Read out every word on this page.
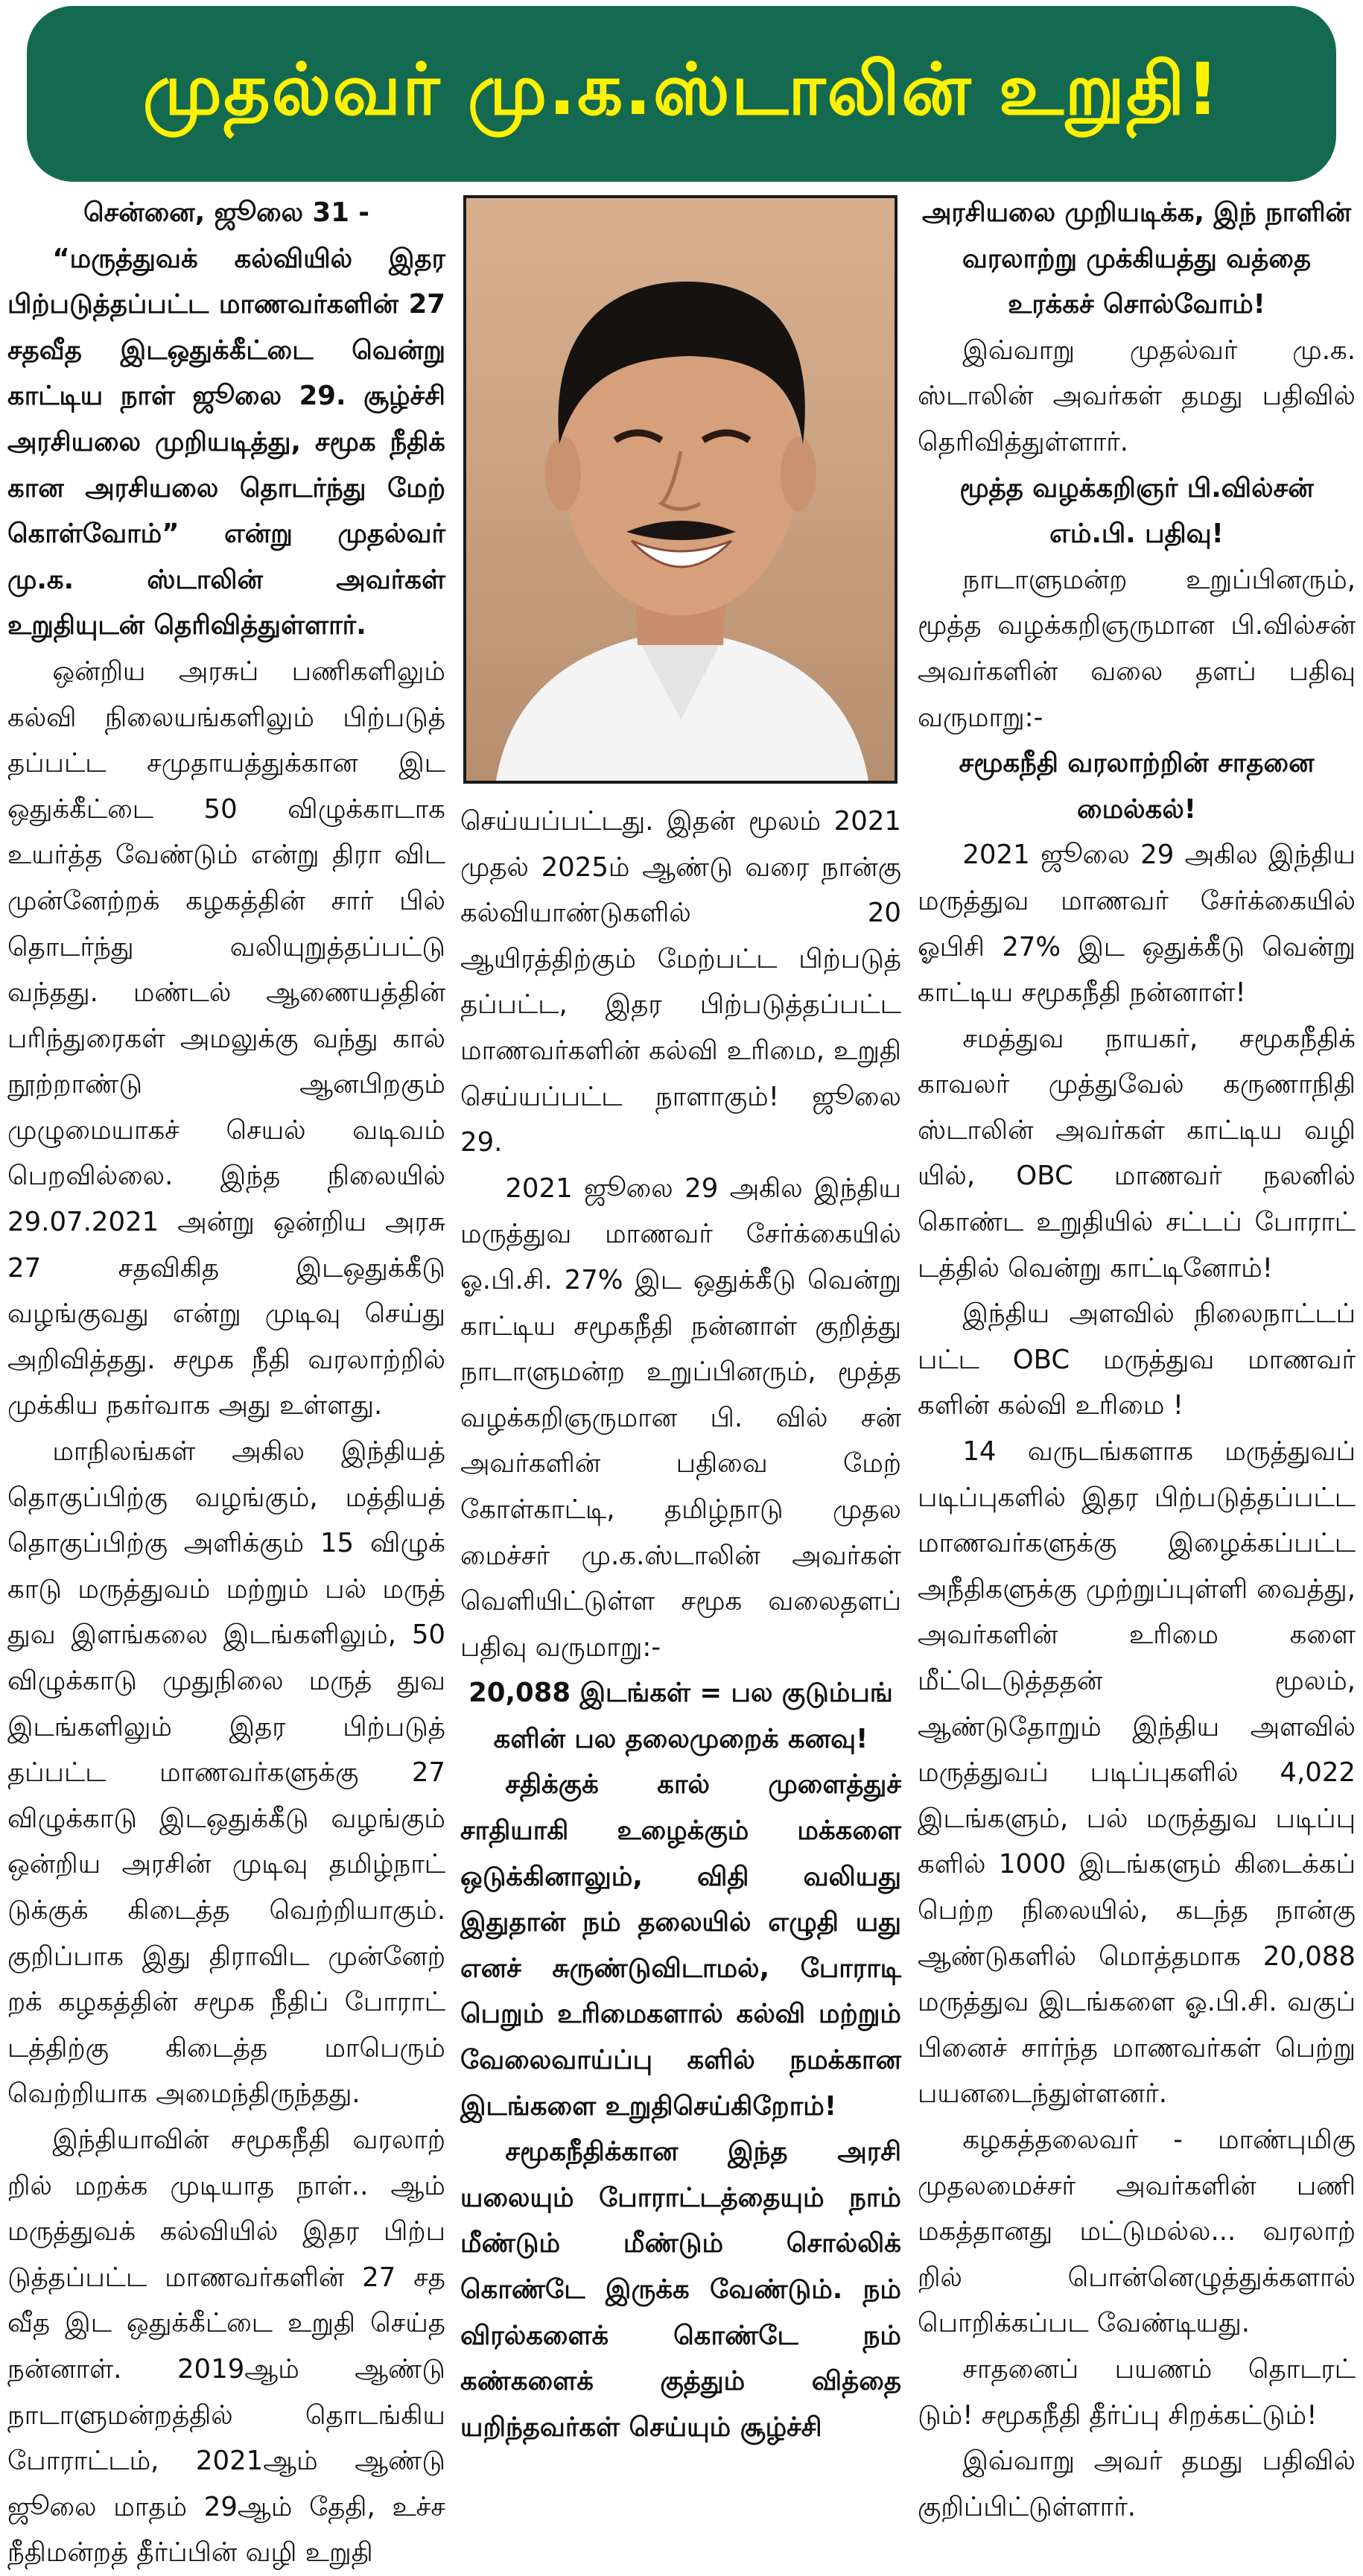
முதல்வர் மு.க.ஸ்டாலின் உறுதி!

சென்னை, ஜூலை 31 -

“மருத்துவக் கல்வியில் இதர பிற்படுத்தப்பட்ட மாணவர்களின் 27 சதவீத இடஒதுக்கீட்டை வென்று காட்டிய நாள் ஜூலை 29. சூழ்ச்சி அரசியலை முறியடித்து, சமூக நீதிக் கான அரசியலை தொடர்ந்து மேற் கொள்வோம்” என்று முதல்வர் மு.க. ஸ்டாலின் அவர்கள் உறுதியுடன் தெரிவித்துள்ளார்.

ஒன்றிய அரசுப் பணிகளிலும் கல்வி நிலையங்களிலும் பிற்படுத் தப்பட்ட சமுதாயத்துக்கான இட ஒதுக்கீட்டை 50 விழுக்காடாக உயர்த்த வேண்டும் என்று திரா விட முன்னேற்றக் கழகத்தின் சார் பில் தொடர்ந்து வலியுறுத்தப்பட்டு வந்தது. மண்டல் ஆணையத்தின் பரிந்துரைகள் அமலுக்கு வந்து கால் நூற்றாண்டு ஆனபிறகும் முழுமையாகச் செயல் வடிவம் பெறவில்லை. இந்த நிலையில் 29.07.2021 அன்று ஒன்றிய அரசு 27 சதவிகித இடஒதுக்கீடு வழங்குவது என்று முடிவு செய்து அறிவித்தது. சமூக நீதி வரலாற்றில் முக்கிய நகர்வாக அது உள்ளது.

மாநிலங்கள் அகில இந்தியத் தொகுப்பிற்கு வழங்கும், மத்தியத் தொகுப்பிற்கு அளிக்கும் 15 விழுக் காடு மருத்துவம் மற்றும் பல் மருத் துவ இளங்கலை இடங்களிலும், 50 விழுக்காடு முதுநிலை மருத் துவ இடங்களிலும் இதர பிற்படுத் தப்பட்ட மாணவர்களுக்கு 27 விழுக்காடு இடஒதுக்கீடு வழங்கும் ஒன்றிய அரசின் முடிவு தமிழ்நாட் டுக்குக் கிடைத்த வெற்றியாகும். குறிப்பாக இது திராவிட முன்னேற் றக் கழகத்தின் சமூக நீதிப் போராட் டத்திற்கு கிடைத்த மாபெரும் வெற்றியாக அமைந்திருந்தது.

இந்தியாவின் சமூகநீதி வரலாற் றில் மறக்க முடியாத நாள்.. ஆம் மருத்துவக் கல்வியில் இதர பிற்ப டுத்தப்பட்ட மாணவர்களின் 27 சத வீத இட ஒதுக்கீட்டை உறுதி செய்த நன்னாள். 2019ஆம் ஆண்டு நாடாளுமன்றத்தில் தொடங்கிய போராட்டம், 2021ஆம் ஆண்டு ஜூலை மாதம் 29ஆம் தேதி, உச்ச நீதிமன்றத் தீர்ப்பின் வழி உறுதி

செய்யப்பட்டது. இதன் மூலம் 2021 முதல் 2025ம் ஆண்டு வரை நான்கு கல்வியாண்டுகளில் 20 ஆயிரத்திற்கும் மேற்பட்ட பிற்படுத் தப்பட்ட, இதர பிற்படுத்தப்பட்ட மாணவர்களின் கல்வி உரிமை, உறுதி செய்யப்பட்ட நாளாகும்! ஜூலை 29.

2021 ஜூலை 29 அகில இந்திய மருத்துவ மாணவர் சேர்க்கையில் ஓ.பி.சி. 27% இட ஒதுக்கீடு வென்று காட்டிய சமூகநீதி நன்னாள் குறித்து நாடாளுமன்ற உறுப்பினரும், மூத்த வழக்கறிஞருமான பி. வில் சன் அவர்களின் பதிவை மேற் கோள்காட்டி, தமிழ்நாடு முதல மைச்சர் மு.க.ஸ்டாலின் அவர்கள் வெளியிட்டுள்ள சமூக வலைதளப் பதிவு வருமாறு:-

20,088 இடங்கள் = பல குடும்பங் களின் பல தலைமுறைக் கனவு!

சதிக்குக் கால் முளைத்துச் சாதியாகி உழைக்கும் மக்களை ஒடுக்கினாலும், விதி வலியது இதுதான் நம் தலையில் எழுதி யது எனச் சுருண்டுவிடாமல், போராடி பெறும் உரிமைகளால் கல்வி மற்றும் வேலைவாய்ப்பு களில் நமக்கான இடங்களை உறுதிசெய்கிறோம்!

சமூகநீதிக்கான இந்த அரசி யலையும் போராட்டத்தையும் நாம் மீண்டும் மீண்டும் சொல்லிக் கொண்டே இருக்க வேண்டும். நம் விரல்களைக் கொண்டே நம் கண்களைக் குத்தும் வித்தை யறிந்தவர்கள் செய்யும் சூழ்ச்சி

அரசியலை முறியடிக்க, இந் நாளின் வரலாற்று முக்கியத்து வத்தை உரக்கச் சொல்வோம்!

இவ்வாறு முதல்வர் மு.க. ஸ்டாலின் அவர்கள் தமது பதிவில் தெரிவித்துள்ளார்.

மூத்த வழக்கறிஞர் பி.வில்சன் எம்.பி. பதிவு!

நாடாளுமன்ற உறுப்பினரும், மூத்த வழக்கறிஞருமான பி.வில்சன் அவர்களின் வலை தளப் பதிவு வருமாறு:-

சமூகநீதி வரலாற்றின் சாதனை மைல்கல்!

2021 ஜூலை 29 அகில இந்திய மருத்துவ மாணவர் சேர்க்கையில் ஓபிசி 27% இட ஒதுக்கீடு வென்று காட்டிய சமூகநீதி நன்னாள்!

சமத்துவ நாயகர், சமூகநீதிக் காவலர் முத்துவேல் கருணாநிதி ஸ்டாலின் அவர்கள் காட்டிய வழி யில், OBC மாணவர் நலனில் கொண்ட உறுதியில் சட்டப் போராட் டத்தில் வென்று காட்டினோம்!

இந்திய அளவில் நிலைநாட்டப் பட்ட OBC மருத்துவ மாணவர் களின் கல்வி உரிமை !

14 வருடங்களாக மருத்துவப் படிப்புகளில் இதர பிற்படுத்தப்பட்ட மாணவர்களுக்கு இழைக்கப்பட்ட அநீதிகளுக்கு முற்றுப்புள்ளி வைத்து, அவர்களின் உரிமை களை மீட்டெடுத்ததன் மூலம், ஆண்டுதோறும் இந்திய அளவில் மருத்துவப் படிப்புகளில் 4,022 இடங்களும், பல் மருத்துவ படிப்பு களில் 1000 இடங்களும் கிடைக்கப் பெற்ற நிலையில், கடந்த நான்கு ஆண்டுகளில் மொத்தமாக 20,088 மருத்துவ இடங்களை ஓ.பி.சி. வகுப் பினைச் சார்ந்த மாணவர்கள் பெற்று பயனடைந்துள்ளனர்.

கழகத்தலைவர் - மாண்புமிகு முதலமைச்சர் அவர்களின் பணி மகத்தானது மட்டுமல்ல... வரலாற் றில் பொன்னெழுத்துக்களால் பொறிக்கப்பட வேண்டியது.

சாதனைப் பயணம் தொடரட் டும்! சமூகநீதி தீர்ப்பு சிறக்கட்டும்!

இவ்வாறு அவர் தமது பதிவில் குறிப்பிட்டுள்ளார்.
